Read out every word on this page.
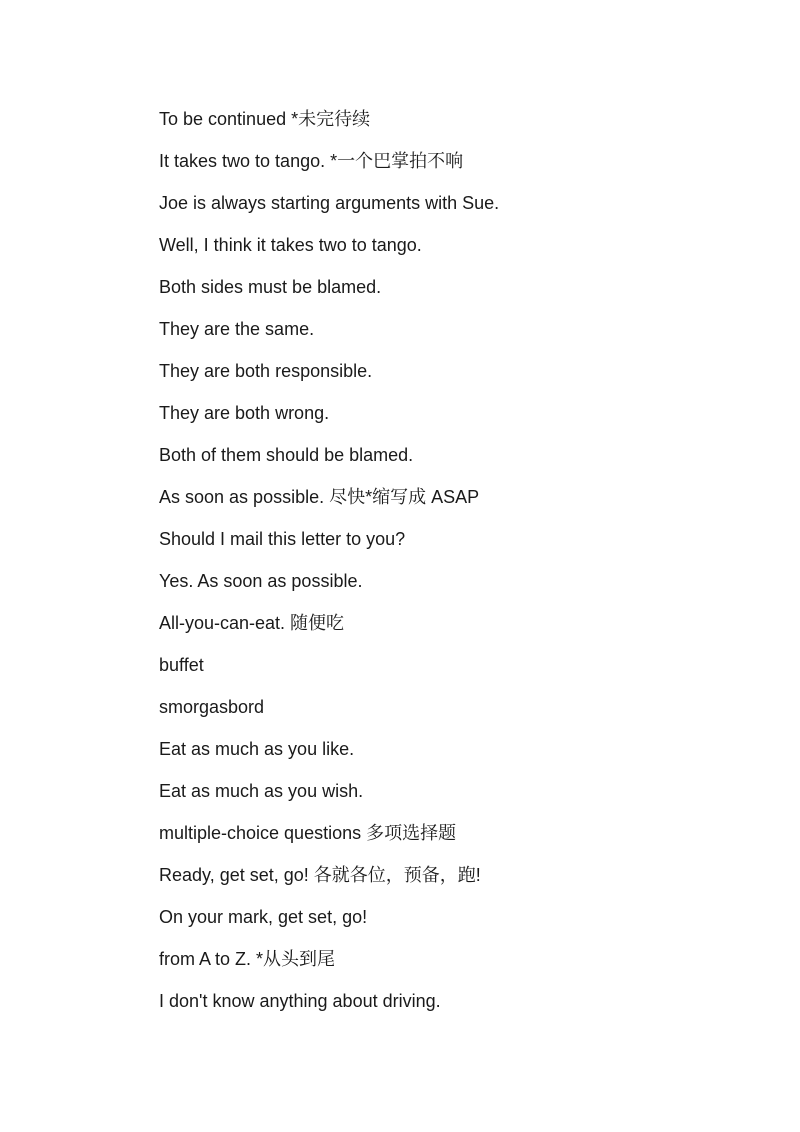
To be continued *未完待续
It takes two to tango. *一个巴掌拍不响
Joe is always starting arguments with Sue.
Well, I think it takes two to tango.
Both sides must be blamed.
They are the same.
They are both responsible.
They are both wrong.
Both of them should be blamed.
As soon as possible. 尽快*缩写成 ASAP
Should I mail this letter to you?
Yes. As soon as possible.
All-you-can-eat. 随便吃
buffet
smorgasbord
Eat as much as you like.
Eat as much as you wish.
multiple-choice questions 多项选择题
Ready, get set, go! 各就各位，预备，跑!
On your mark, get set, go!
from A to Z. *从头到尾
I don't know anything about driving.
